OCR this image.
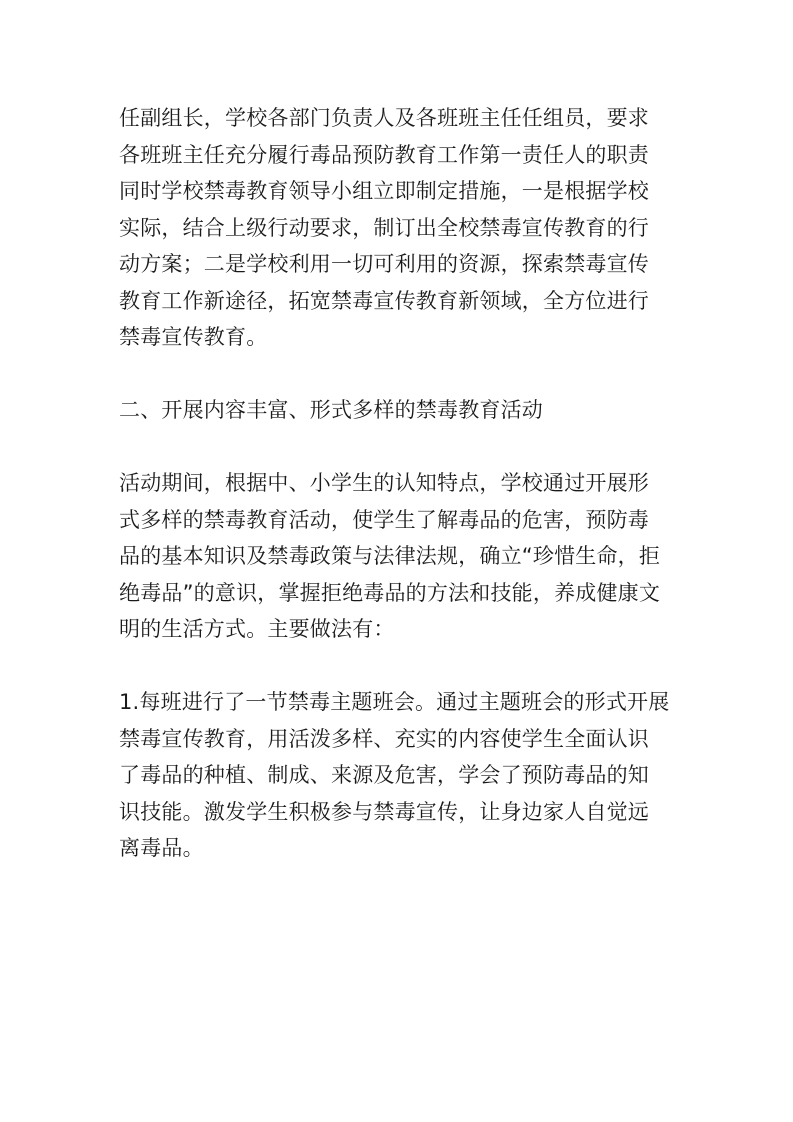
任副组长，学校各部门负责人及各班班主任任组员，要求
各班班主任充分履行毒品预防教育工作第一责任人的职责
同时学校禁毒教育领导小组立即制定措施，一是根据学校
实际，结合上级行动要求，制订出全校禁毒宣传教育的行
动方案；二是学校利用一切可利用的资源，探索禁毒宣传
教育工作新途径，拓宽禁毒宣传教育新领域，全方位进行
禁毒宣传教育。
二、开展内容丰富、形式多样的禁毒教育活动
活动期间，根据中、小学生的认知特点，学校通过开展形
式多样的禁毒教育活动，使学生了解毒品的危害，预防毒
品的基本知识及禁毒政策与法律法规，确立“珍惜生命，拒
绝毒品”的意识，掌握拒绝毒品的方法和技能，养成健康文
明的生活方式。主要做法有：
1.每班进行了一节禁毒主题班会。通过主题班会的形式开展
禁毒宣传教育，用活泼多样、充实的内容使学生全面认识
了毒品的种植、制成、来源及危害，学会了预防毒品的知
识技能。激发学生积极参与禁毒宣传，让身边家人自觉远
离毒品。
